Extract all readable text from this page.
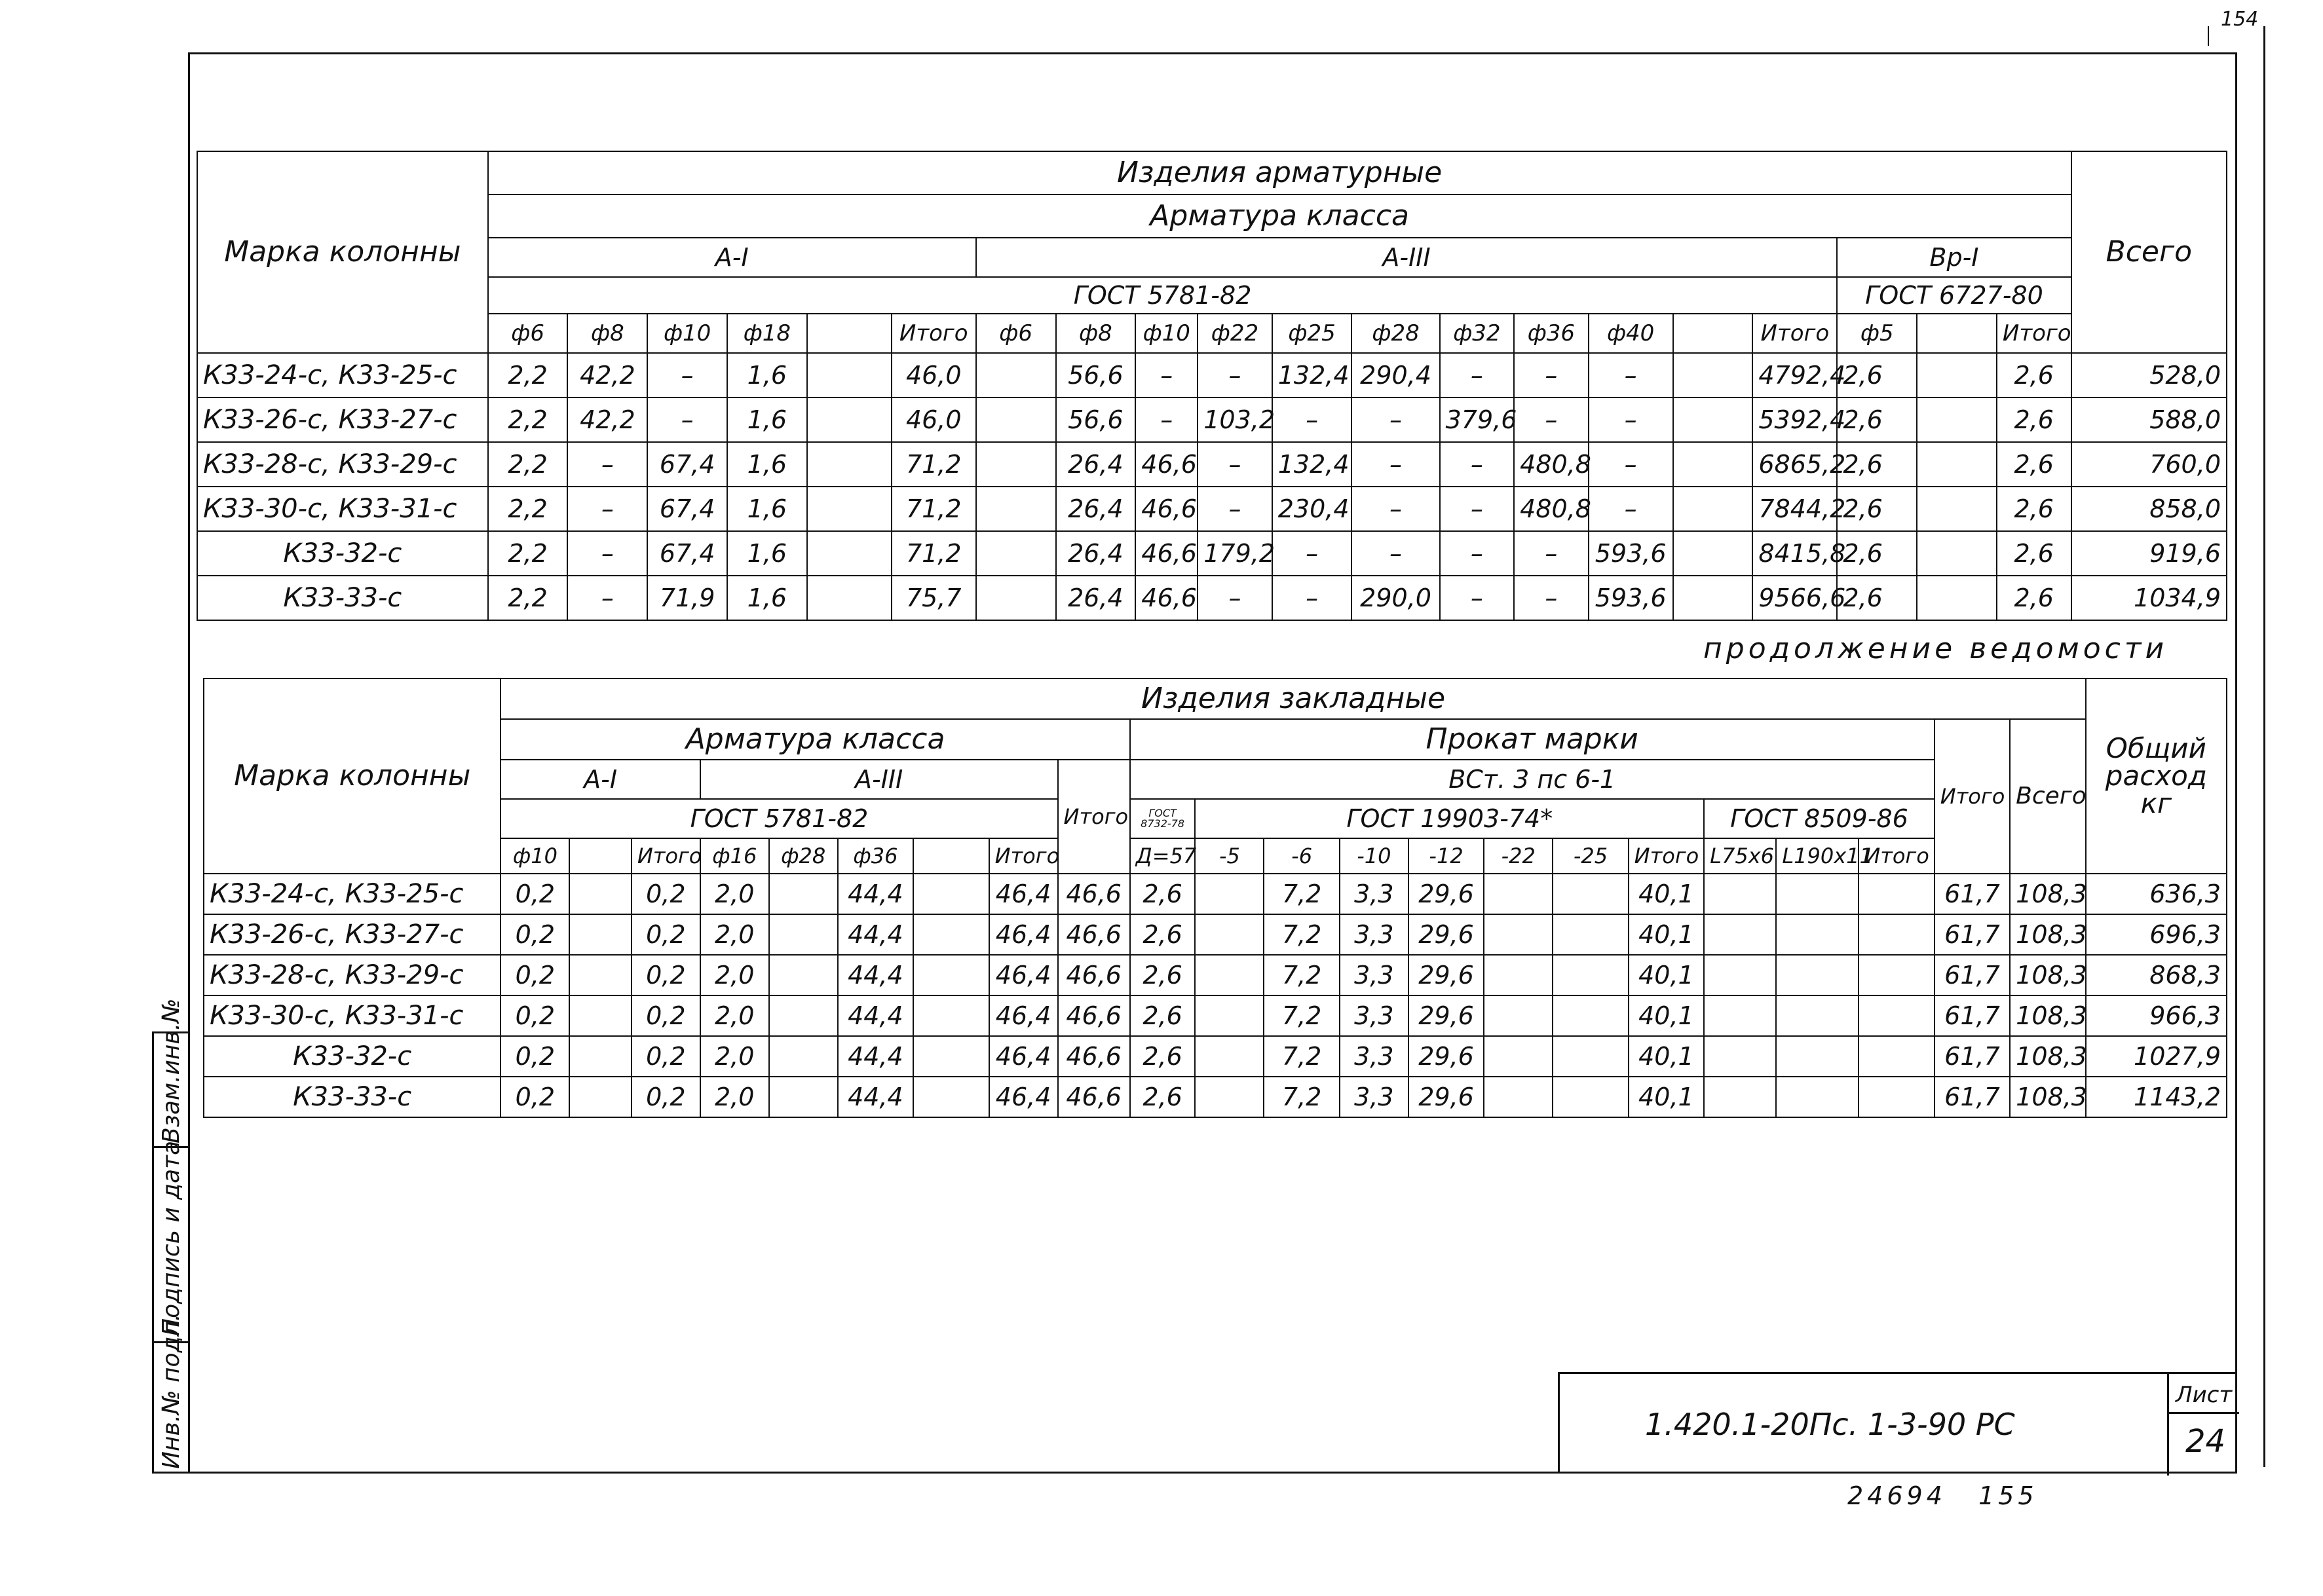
154
Марка колонны	Изделия арматурные																				Всего
	Арматура класса																				
	А-I						А-III											Вр-I			
	ГОСТ 5781-82																	ГОСТ 6727-80			
	ф6	ф8	ф10	ф18		Итого	ф6	ф8	ф10	ф22	ф25	ф28	ф32	ф36	ф40		Итого	ф5		Итого	
К33-24-с, К33-25-с	2,2	42,2	–	1,6		46,0		56,6	–	–	132,4	290,4	–	–	–		4792,4	2,6		2,6	528,0
К33-26-с, К33-27-с	2,2	42,2	–	1,6		46,0		56,6	–	103,2	–	–	379,6	–	–		5392,4	2,6		2,6	588,0
К33-28-с, К33-29-с	2,2	–	67,4	1,6		71,2		26,4	46,6	–	132,4	–	–	480,8	–		6865,2	2,6		2,6	760,0
К33-30-с, К33-31-с	2,2	–	67,4	1,6		71,2		26,4	46,6	–	230,4	–	–	480,8	–		7844,2	2,6		2,6	858,0
К33-32-с	2,2	–	67,4	1,6		71,2		26,4	46,6	179,2	–	–	–	–	593,6		8415,8	2,6		2,6	919,6
К33-33-с	2,2	–	71,9	1,6		75,7		26,4	46,6	–	–	290,0	–	–	593,6		9566,6	2,6		2,6	1034,9
продолжение ведомости
Марка колонны	Изделия закладные																						Общий расход кг
	Арматура класса									Прокат марки											Итого	Всего	
	А-I			А-III					Итого	ВСт. 3 пс 6-1													
	ГОСТ 5781-82									ГОСТ 8732-78	ГОСТ 19903-74*							ГОСТ 8509-86					
	ф10		Итого	ф16	ф28	ф36		Итого		Д=57	-5	-6	-10	-12	-22	-25	Итого	L75х6	L190х11	Итого			
К33-24-с, К33-25-с	0,2		0,2	2,0		44,4		46,4	46,6	2,6		7,2	3,3	29,6			40,1				61,7	108,3	636,3
К33-26-с, К33-27-с	0,2		0,2	2,0		44,4		46,4	46,6	2,6		7,2	3,3	29,6			40,1				61,7	108,3	696,3
К33-28-с, К33-29-с	0,2		0,2	2,0		44,4		46,4	46,6	2,6		7,2	3,3	29,6			40,1				61,7	108,3	868,3
К33-30-с, К33-31-с	0,2		0,2	2,0		44,4		46,4	46,6	2,6		7,2	3,3	29,6			40,1				61,7	108,3	966,3
К33-32-с	0,2		0,2	2,0		44,4		46,4	46,6	2,6		7,2	3,3	29,6			40,1				61,7	108,3	1027,9
К33-33-с	0,2		0,2	2,0		44,4		46,4	46,6	2,6		7,2	3,3	29,6			40,1				61,7	108,3	1143,2
Взам.инв.№
Подпись и дата
Инв.№ подл.	1.420.1-20Пс. 1-3-90 РС
Лист
24
24694 155
